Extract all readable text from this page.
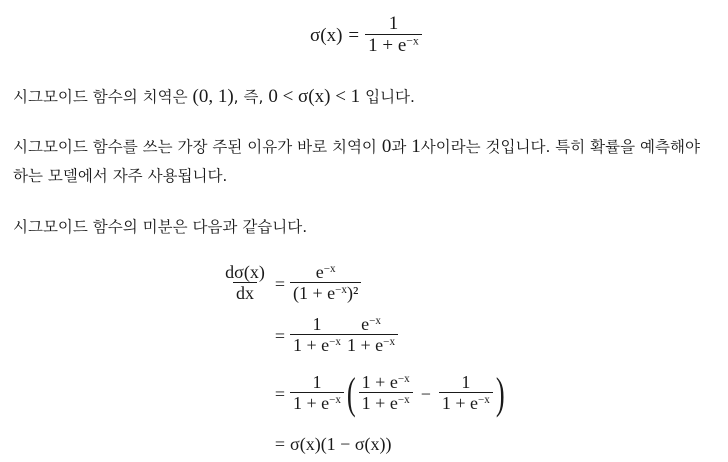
$\sigma(x) = \frac{1}{1 + e^{-x}}$
시그모이드 함수의 치역은 (0, 1), 즉, 0 < σ(x) < 1 입니다.
시그모이드 함수를 쓰는 가장 주된 이유가 바로 치역이 0과 1사이라는 것입니다. 특히 확률을 예측해야
하는 모델에서 자주 사용됩니다.
시그모이드 함수의 미분은 다음과 같습니다.
$\frac{d\sigma(x)}{dx} = \frac{e^{-x}}{(1 + e^{-x})^2}$
= $\frac{1}{1 + e^{-x}} \frac{e^{-x}}{1 + e^{-x}}$
= $\frac{1}{1 + e^{-x}}$ ( $\frac{1 + e^{-x}}{1 + e^{-x}} - \frac{1}{1 + e^{-x}}$ )
= σ(x)(1 − σ(x))
